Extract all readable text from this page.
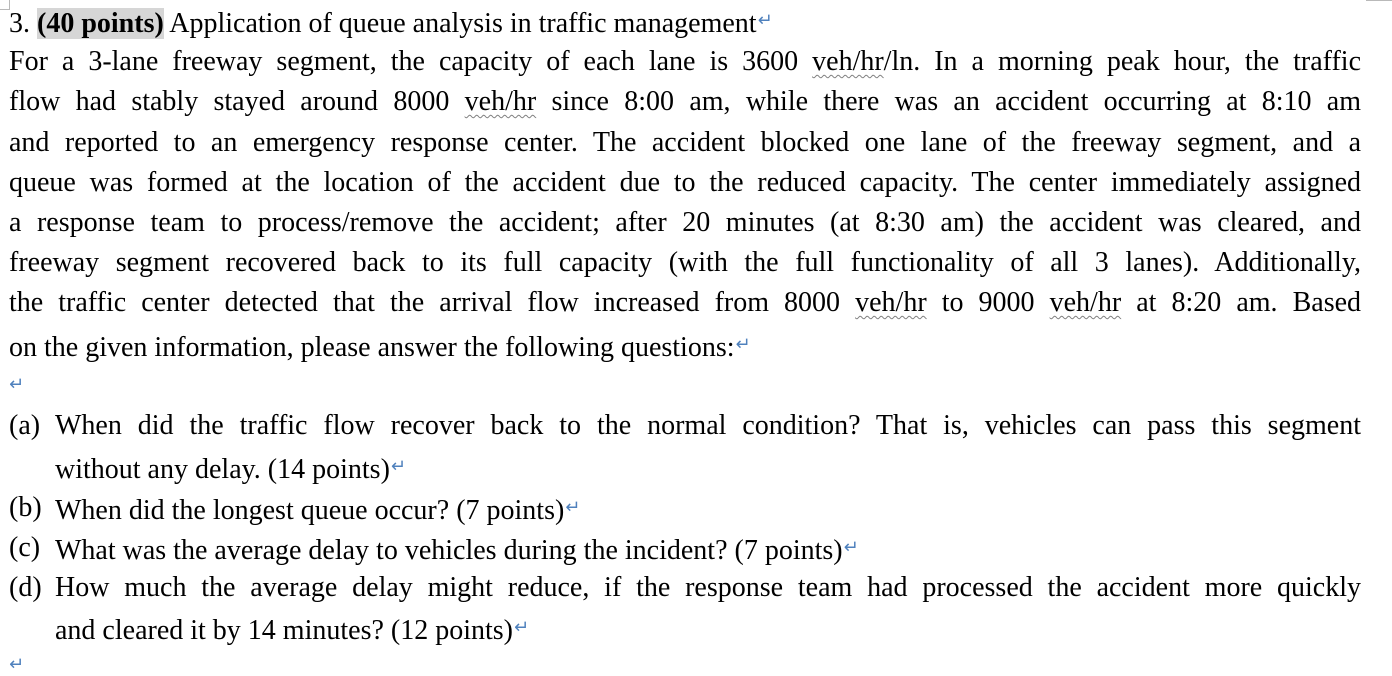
3. (40 points) Application of queue analysis in traffic management↵
For a 3-lane freeway segment, the capacity of each lane is 3600 veh/hr/ln. In a morning peak hour, the traffic
flow had stably stayed around 8000 veh/hr since 8:00 am, while there was an accident occurring at 8:10 am
and reported to an emergency response center. The accident blocked one lane of the freeway segment, and a
queue was formed at the location of the accident due to the reduced capacity. The center immediately assigned
a response team to process/remove the accident; after 20 minutes (at 8:30 am) the accident was cleared, and
freeway segment recovered back to its full capacity (with the full functionality of all 3 lanes). Additionally,
the traffic center detected that the arrival flow increased from 8000 veh/hr to 9000 veh/hr at 8:20 am. Based
on the given information, please answer the following questions:↵
↵
(a) When did the traffic flow recover back to the normal condition? That is, vehicles can pass this segment
without any delay. (14 points)↵
(b) When did the longest queue occur? (7 points)↵
(c) What was the average delay to vehicles during the incident? (7 points)↵
(d) How much the average delay might reduce, if the response team had processed the accident more quickly
and cleared it by 14 minutes? (12 points)↵
↵
